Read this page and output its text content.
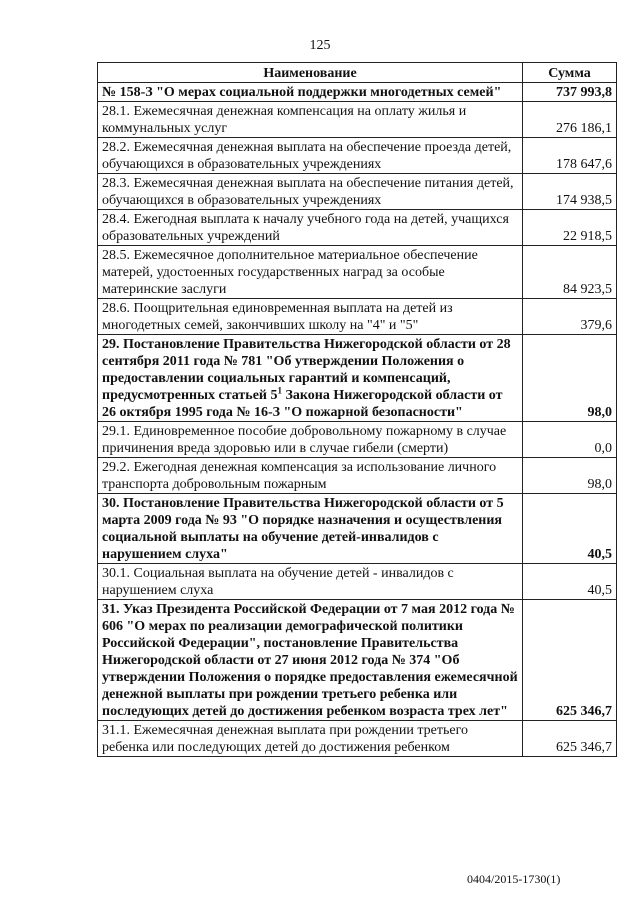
125
Наименование	Сумма
№ 158-З "О мерах социальной поддержки многодетных семей"	737 993,8
28.1. Ежемесячная денежная компенсация на оплату жилья и коммунальных услуг	276 186,1
28.2. Ежемесячная денежная выплата на обеспечение проезда детей, обучающихся в образовательных учреждениях	178 647,6
28.3. Ежемесячная денежная выплата на обеспечение питания детей, обучающихся в образовательных учреждениях	174 938,5
28.4. Ежегодная выплата к началу учебного года на детей, учащихся образовательных учреждений	22 918,5
28.5. Ежемесячное дополнительное материальное обеспечение матерей, удостоенных государственных наград за особые материнские заслуги	84 923,5
28.6. Поощрительная единовременная выплата на детей из многодетных семей, закончивших школу на "4" и "5"	379,6
29. Постановление Правительства Нижегородской области от 28 сентября 2011 года № 781 "Об утверждении Положения о предоставлении социальных гарантий и компенсаций, предусмотренных статьей $5^1$ Закона Нижегородской области от 26 октября 1995 года № 16-З "О пожарной безопасности"	98,0
29.1. Единовременное пособие добровольному пожарному в случае причинения вреда здоровью или в случае гибели (смерти)	0,0
29.2. Ежегодная денежная компенсация за использование личного транспорта добровольным пожарным	98,0
30. Постановление Правительства Нижегородской области от 5 марта 2009 года № 93 "О порядке назначения и осуществления социальной выплаты на обучение детей-инвалидов с нарушением слуха"	40,5
30.1. Социальная выплата на обучение детей - инвалидов с нарушением слуха	40,5
31. Указ Президента Российской Федерации от 7 мая 2012 года № 606 "О мерах по реализации демографической политики Российской Федерации", постановление Правительства Нижегородской области от 27 июня 2012 года № 374 "Об утверждении Положения о порядке предоставления ежемесячной денежной выплаты при рождении третьего ребенка или последующих детей до достижения ребенком возраста трех лет"	625 346,7
31.1. Ежемесячная денежная выплата при рождении третьего ребенка или последующих детей до достижения ребенком	625 346,7
0404/2015-1730(1)
